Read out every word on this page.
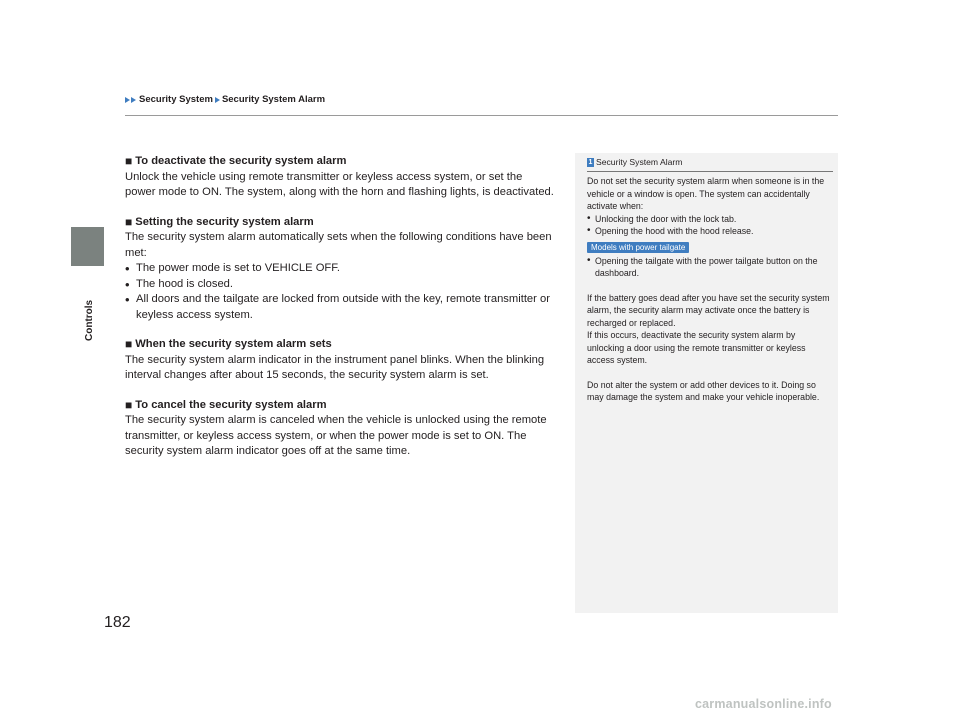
Security System Security System Alarm
Controls
■ To deactivate the security system alarm

Unlock the vehicle using remote transmitter or keyless access system, or set the power mode to ON. The system, along with the horn and flashing lights, is deactivated.

■ Setting the security system alarm

The security system alarm automatically sets when the following conditions have been met:

• The power mode is set to VEHICLE OFF.
• The hood is closed.
• All doors and the tailgate are locked from outside with the key, remote transmitter or keyless access system.
■ When the security system alarm sets

The security system alarm indicator in the instrument panel blinks. When the blinking interval changes after about 15 seconds, the security system alarm is set.

■ To cancel the security system alarm

The security system alarm is canceled when the vehicle is unlocked using the remote transmitter, or keyless access system, or when the power mode is set to ON. The security system alarm indicator goes off at the same time.

1 Security System Alarm

Do not set the security system alarm when someone is in the vehicle or a window is open. The system can accidentally activate when:

• Unlocking the door with the lock tab.
• Opening the hood with the hood release.
Models with power tailgate
• Opening the tailgate with the power tailgate button on the dashboard.

If the battery goes dead after you have set the security system alarm, the security alarm may activate once the battery is recharged or replaced.

If this occurs, deactivate the security system alarm by unlocking a door using the remote transmitter or keyless access system.

Do not alter the system or add other devices to it. Doing so may damage the system and make your vehicle inoperable.

182
carmanualsonline.info
